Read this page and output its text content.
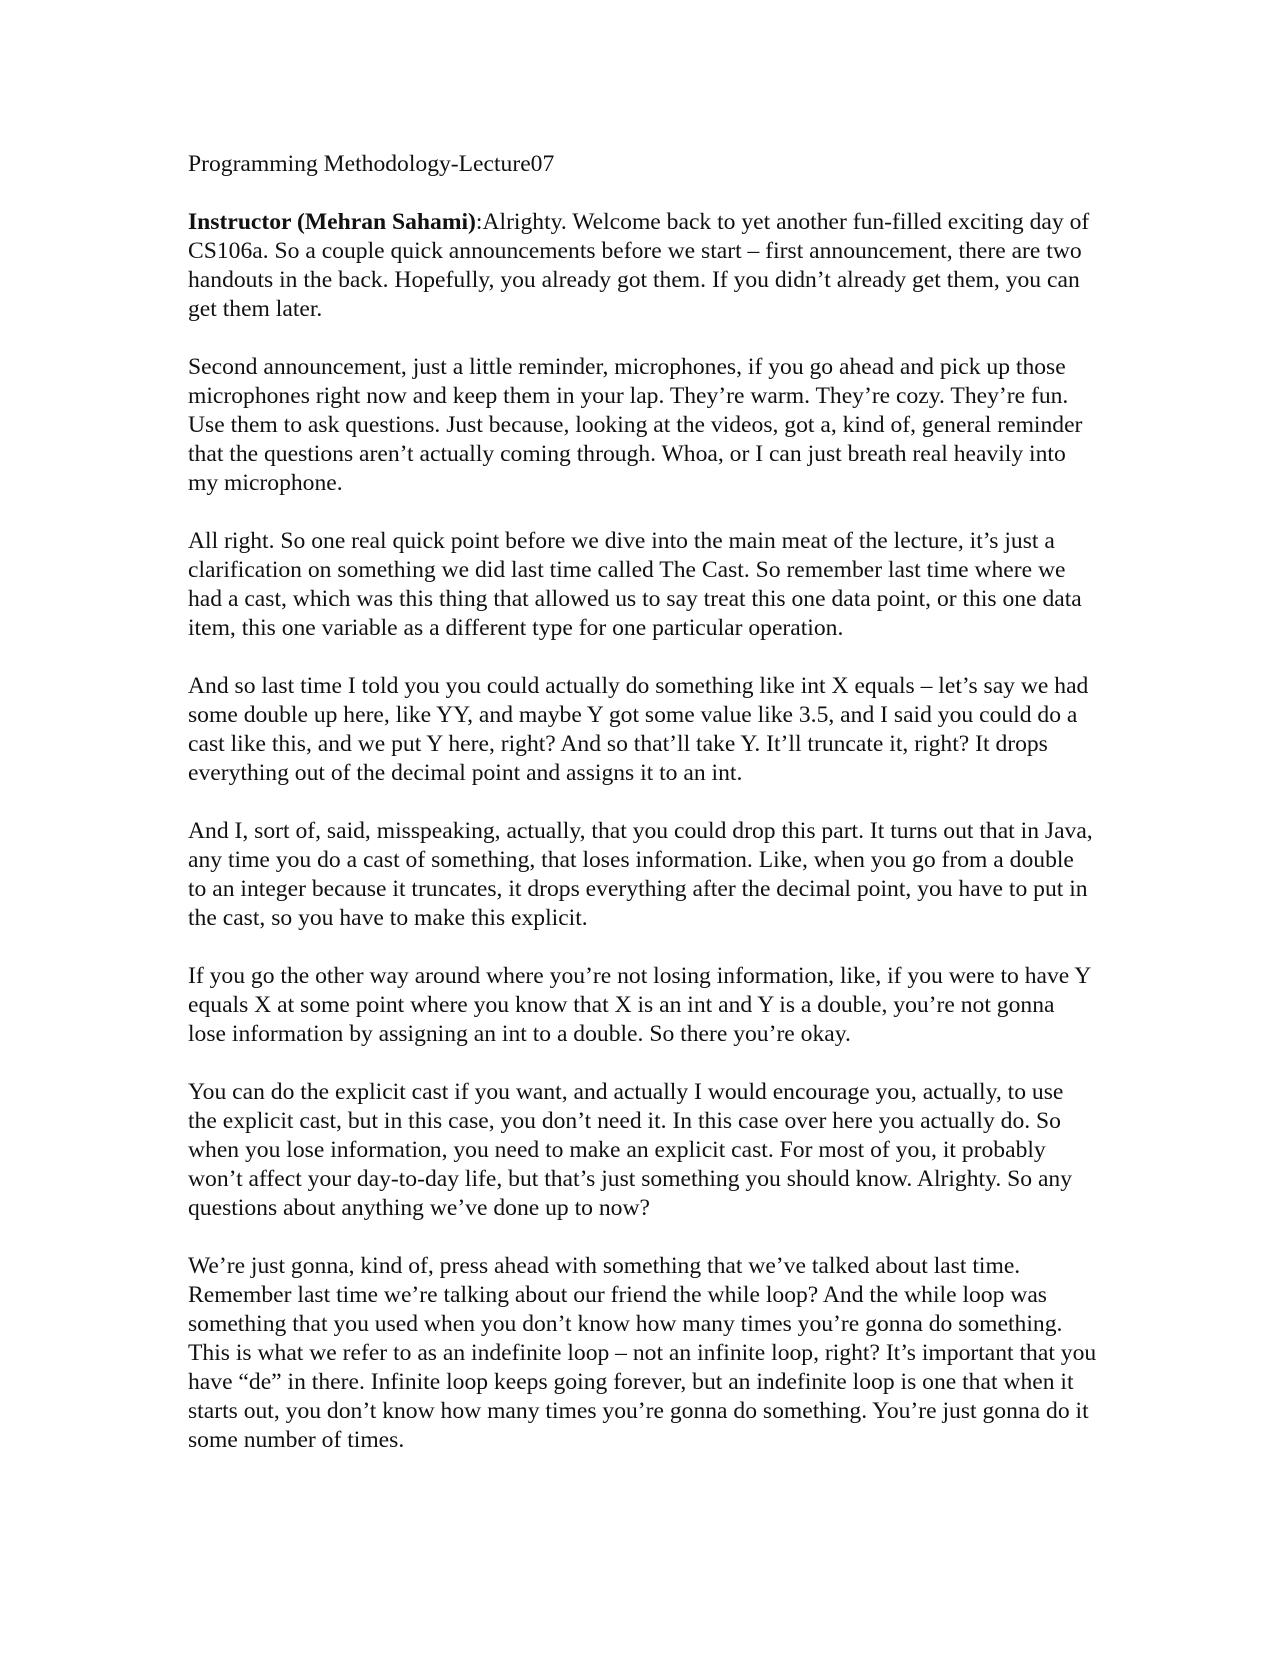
Programming Methodology-Lecture07

Instructor (Mehran Sahami):Alrighty. Welcome back to yet another fun-filled exciting day of CS106a. So a couple quick announcements before we start – first announcement, there are two handouts in the back. Hopefully, you already got them. If you didn’t already get them, you can get them later.

Second announcement, just a little reminder, microphones, if you go ahead and pick up those microphones right now and keep them in your lap. They’re warm. They’re cozy. They’re fun. Use them to ask questions. Just because, looking at the videos, got a, kind of, general reminder that the questions aren’t actually coming through. Whoa, or I can just breath real heavily into my microphone.

All right. So one real quick point before we dive into the main meat of the lecture, it’s just a clarification on something we did last time called The Cast. So remember last time where we had a cast, which was this thing that allowed us to say treat this one data point, or this one data item, this one variable as a different type for one particular operation.

And so last time I told you you could actually do something like int X equals – let’s say we had some double up here, like YY, and maybe Y got some value like 3.5, and I said you could do a cast like this, and we put Y here, right? And so that’ll take Y. It’ll truncate it, right? It drops everything out of the decimal point and assigns it to an int.

And I, sort of, said, misspeaking, actually, that you could drop this part. It turns out that in Java, any time you do a cast of something, that loses information. Like, when you go from a double to an integer because it truncates, it drops everything after the decimal point, you have to put in the cast, so you have to make this explicit.

If you go the other way around where you’re not losing information, like, if you were to have Y equals X at some point where you know that X is an int and Y is a double, you’re not gonna lose information by assigning an int to a double. So there you’re okay.

You can do the explicit cast if you want, and actually I would encourage you, actually, to use the explicit cast, but in this case, you don’t need it. In this case over here you actually do. So when you lose information, you need to make an explicit cast. For most of you, it probably won’t affect your day-to-day life, but that’s just something you should know. Alrighty. So any questions about anything we’ve done up to now?

We’re just gonna, kind of, press ahead with something that we’ve talked about last time. Remember last time we’re talking about our friend the while loop? And the while loop was something that you used when you don’t know how many times you’re gonna do something. This is what we refer to as an indefinite loop – not an infinite loop, right? It’s important that you have “de” in there. Infinite loop keeps going forever, but an indefinite loop is one that when it starts out, you don’t know how many times you’re gonna do something. You’re just gonna do it some number of times.
